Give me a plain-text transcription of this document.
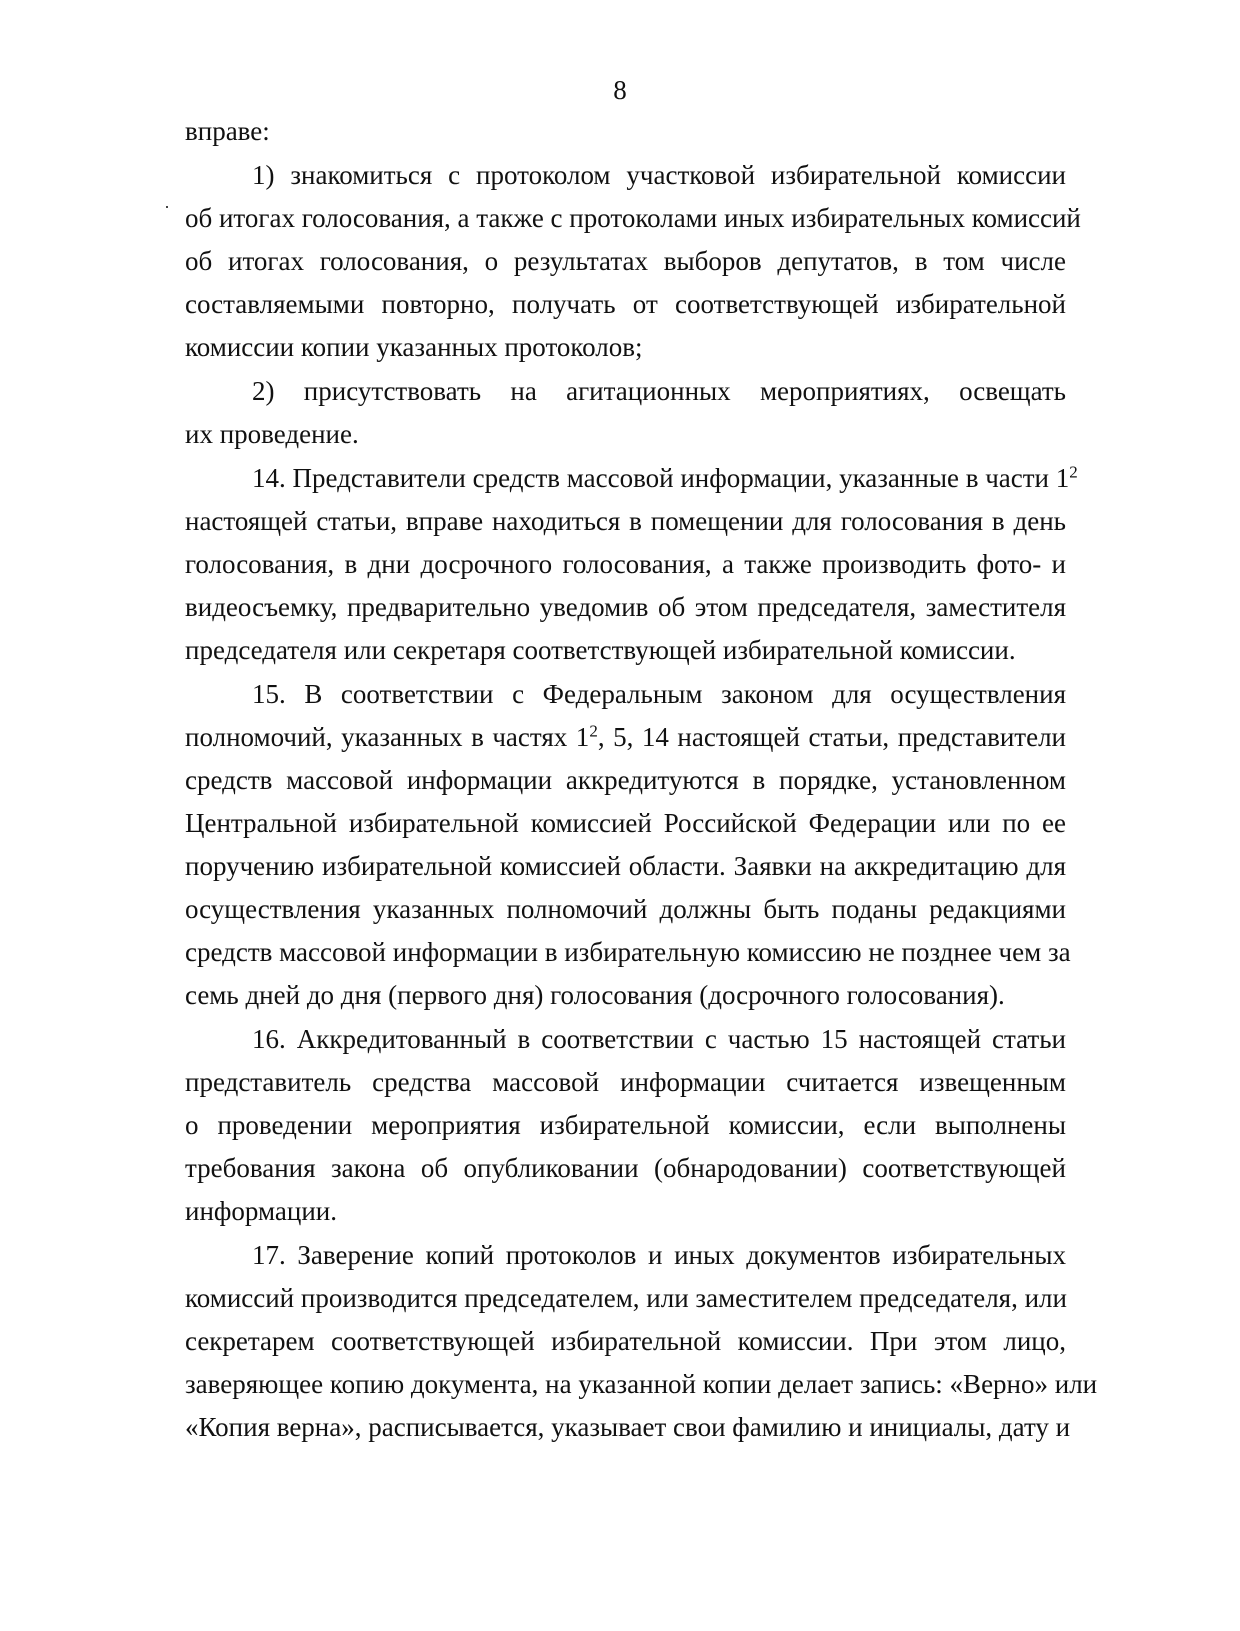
8
вправе:
1) знакомиться с протоколом участковой избирательной комиссии
об итогах голосования, а также с протоколами иных избирательных комиссий
об итогах голосования, о результатах выборов депутатов, в том числе
составляемыми повторно, получать от соответствующей избирательной
комиссии копии указанных протоколов;
2) присутствовать на агитационных мероприятиях, освещать
их проведение.
14. Представители средств массовой информации, указанные в части $1^2$
настоящей статьи, вправе находиться в помещении для голосования в день
голосования, в дни досрочного голосования, а также производить фото- и
видеосъемку, предварительно уведомив об этом председателя, заместителя
председателя или секретаря соответствующей избирательной комиссии.
15. В соответствии с Федеральным законом для осуществления
полномочий, указанных в частях $1^2$, 5, 14 настоящей статьи, представители
средств массовой информации аккредитуются в порядке, установленном
Центральной избирательной комиссией Российской Федерации или по ее
поручению избирательной комиссией области. Заявки на аккредитацию для
осуществления указанных полномочий должны быть поданы редакциями
средств массовой информации в избирательную комиссию не позднее чем за
семь дней до дня (первого дня) голосования (досрочного голосования).
16. Аккредитованный в соответствии с частью 15 настоящей статьи
представитель средства массовой информации считается извещенным
о проведении мероприятия избирательной комиссии, если выполнены
требования закона об опубликовании (обнародовании) соответствующей
информации.
17. Заверение копий протоколов и иных документов избирательных
комиссий производится председателем, или заместителем председателя, или
секретарем соответствующей избирательной комиссии. При этом лицо,
заверяющее копию документа, на указанной копии делает запись: «Верно» или
«Копия верна», расписывается, указывает свои фамилию и инициалы, дату и
